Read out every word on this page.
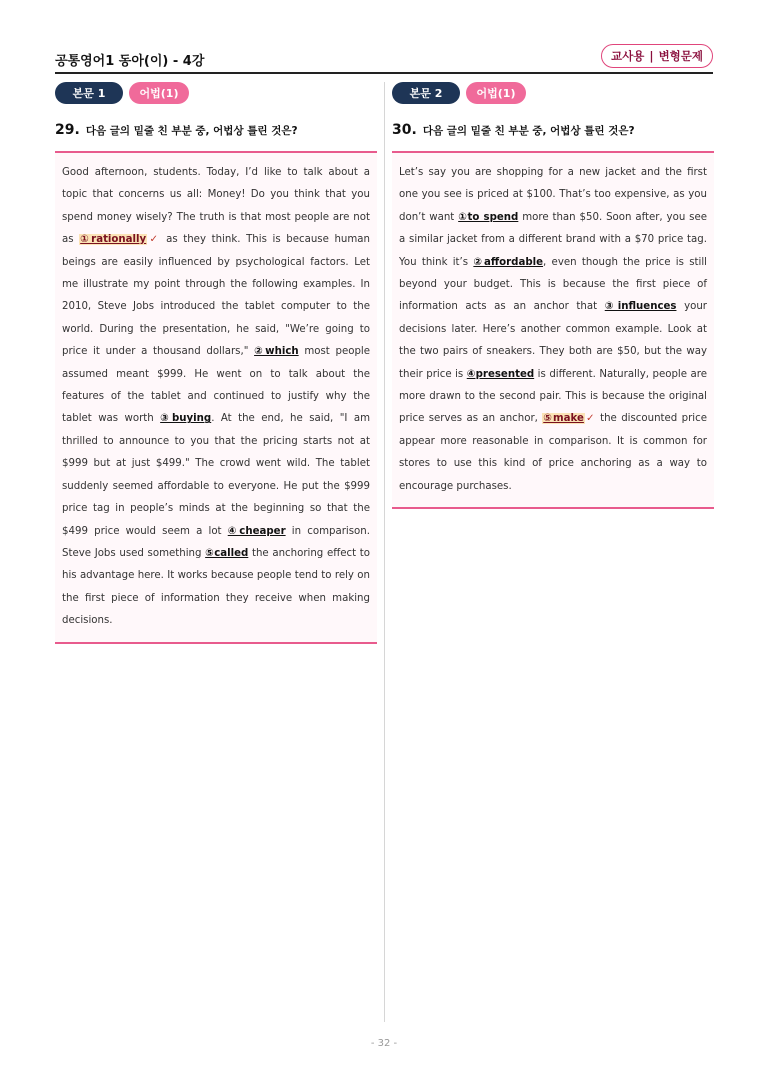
공통영어1 동아(이) - 4강	교사용 | 변형문제
본문 1	어법(1)
29. 다음 글의 밑줄 친 부분 중, 어법상 틀린 것은?
Good afternoon, students. Today, I’d like to talk about a topic that concerns us all: Money! Do you think that you spend money wisely? The truth is that most people are not as ①rationally✓ as they think. This is because human beings are easily influenced by psychological factors. Let me illustrate my point through the following examples. In 2010, Steve Jobs introduced the tablet computer to the world. During the presentation, he said, "We’re going to price it under a thousand dollars," ②which most people assumed meant $999. He went on to talk about the features of the tablet and continued to justify why the tablet was worth ③buying. At the end, he said, "I am thrilled to announce to you that the pricing starts not at $999 but at just $499." The crowd went wild. The tablet suddenly seemed affordable to everyone. He put the $999 price tag in people’s minds at the beginning so that the $499 price would seem a lot ④cheaper in comparison. Steve Jobs used something ⑤called the anchoring effect to his advantage here. It works because people tend to rely on the first piece of information they receive when making decisions.
본문 2	어법(1)
30. 다음 글의 밑줄 친 부분 중, 어법상 틀린 것은?
Let’s say you are shopping for a new jacket and the first one you see is priced at $100. That’s too expensive, as you don’t want ①to spend more than $50. Soon after, you see a similar jacket from a different brand with a $70 price tag. You think it’s ②affordable, even though the price is still beyond your budget. This is because the first piece of information acts as an anchor that ③influences your decisions later. Here’s another common example. Look at the two pairs of sneakers. They both are $50, but the way their price is ④presented is different. Naturally, people are more drawn to the second pair. This is because the original price serves as an anchor, ⑤make✓ the discounted price appear more reasonable in comparison. It is common for stores to use this kind of price anchoring as a way to encourage purchases.
- 32 -
